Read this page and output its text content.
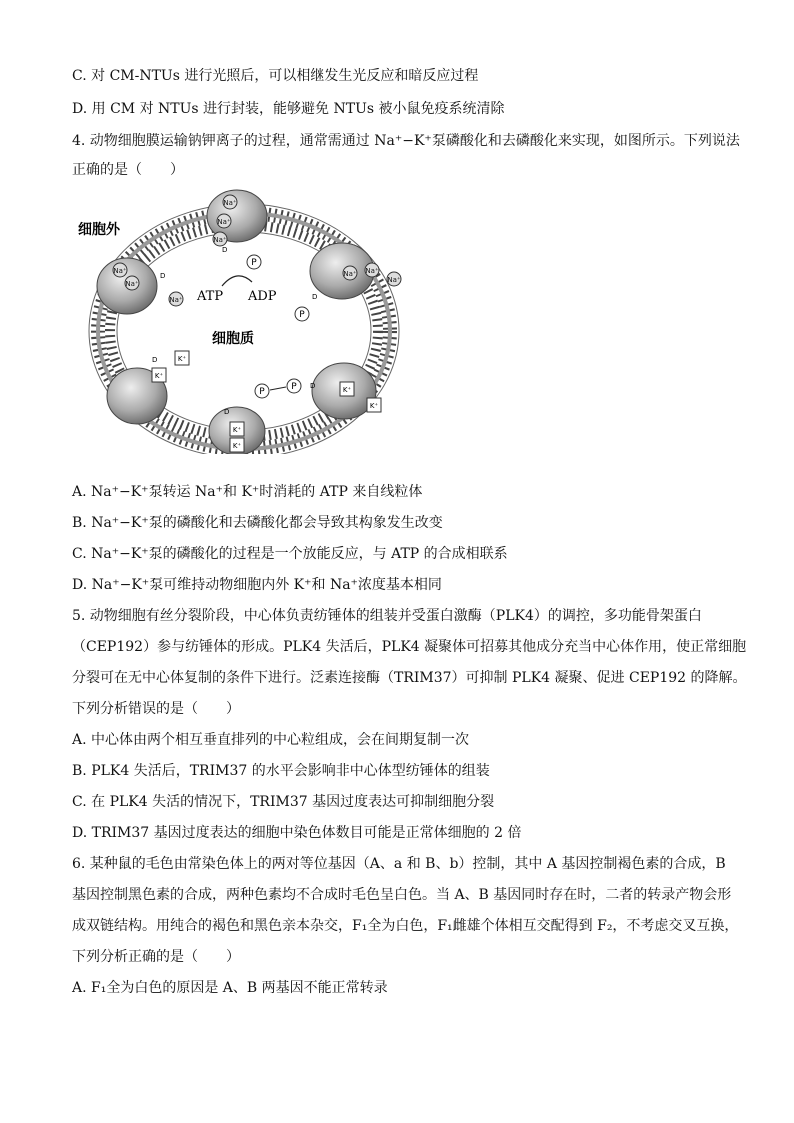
C. 对 CM-NTUs 进行光照后，可以相继发生光反应和暗反应过程
D. 用 CM 对 NTUs 进行封装，能够避免 NTUs 被小鼠免疫系统清除
4. 动物细胞膜运输钠钾离子的过程，通常需通过 Na⁺−K⁺泵磷酸化和去磷酸化来实现，如图所示。下列说法
正确的是（　　）
细胞外
细胞质
ATP ADP
Na⁺
Na⁺
Na⁺
Na⁺
Na⁺
Na⁺
Na⁺ Na⁺
Na⁺
P
P
P	P
K⁺
K⁺
K⁺
K⁺
K⁺
K⁺
D
D
D
D
D
D
A. Na⁺−K⁺泵转运 Na⁺和 K⁺时消耗的 ATP 来自线粒体
B. Na⁺−K⁺泵的磷酸化和去磷酸化都会导致其构象发生改变
C. Na⁺−K⁺泵的磷酸化的过程是一个放能反应，与 ATP 的合成相联系
D. Na⁺−K⁺泵可维持动物细胞内外 K⁺和 Na⁺浓度基本相同
5. 动物细胞有丝分裂阶段，中心体负责纺锤体的组装并受蛋白激酶（PLK4）的调控，多功能骨架蛋白
（CEP192）参与纺锤体的形成。PLK4 失活后，PLK4 凝聚体可招募其他成分充当中心体作用，使正常细胞
分裂可在无中心体复制的条件下进行。泛素连接酶（TRIM37）可抑制 PLK4 凝聚、促进 CEP192 的降解。
下列分析错误的是（　　）
A. 中心体由两个相互垂直排列的中心粒组成，会在间期复制一次
B. PLK4 失活后，TRIM37 的水平会影响非中心体型纺锤体的组装
C. 在 PLK4 失活的情况下，TRIM37 基因过度表达可抑制细胞分裂
D. TRIM37 基因过度表达的细胞中染色体数目可能是正常体细胞的 2 倍
6. 某种鼠的毛色由常染色体上的两对等位基因（A、a 和 B、b）控制，其中 A 基因控制褐色素的合成，B
基因控制黑色素的合成，两种色素均不合成时毛色呈白色。当 A、B 基因同时存在时，二者的转录产物会形
成双链结构。用纯合的褐色和黑色亲本杂交，F₁全为白色，F₁雌雄个体相互交配得到 F₂，不考虑交叉互换，
下列分析正确的是（　　）
A. F₁全为白色的原因是 A、B 两基因不能正常转录
